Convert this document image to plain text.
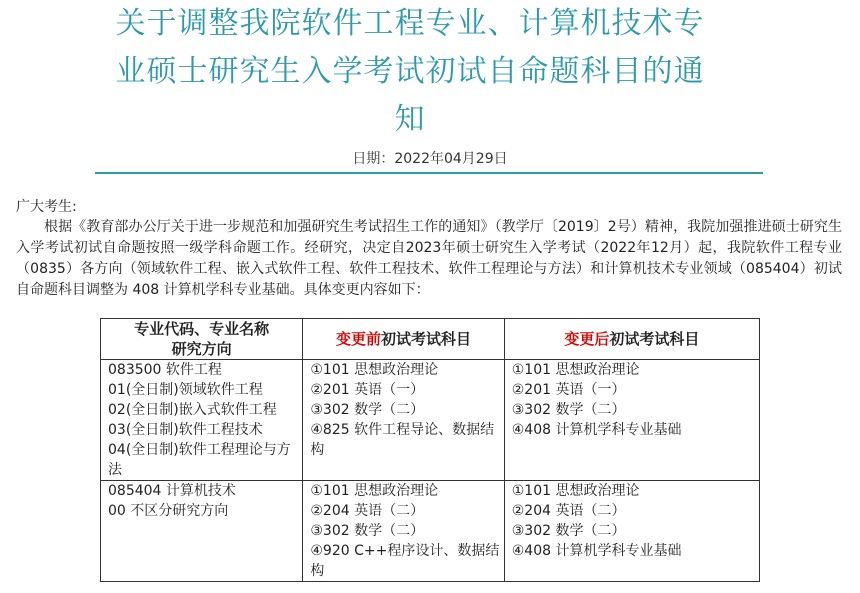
关于调整我院软件工程专业、计算机技术专
业硕士研究生入学考试初试自命题科目的通
知
日期：2022年04月29日
广大考生:
根据《教育部办公厅关于进一步规范和加强研究生考试招生工作的通知》（教学厅〔2019〕2号）精神，我院加强推进硕士研究生入学考试初试自命题按照一级学科命题工作。经研究，决定自2023年硕士研究生入学考试（2022年12月）起，我院软件工程专业（0835）各方向（领域软件工程、嵌入式软件工程、软件工程技术、软件工程理论与方法）和计算机技术专业领域（085404）初试自命题科目调整为 408 计算机学科专业基础。具体变更内容如下：
专业代码、专业名称
研究方向	变更前初试考试科目	变更后初试考试科目

083500 软件工程
01(全日制)领域软件工程
02(全日制)嵌入式软件工程
03(全日制)软件工程技术
04(全日制)软件工程理论与方法	①101 思想政治理论
②201 英语（一）
③302 数学（二）
④825 软件工程导论、数据结构	①101 思想政治理论
②201 英语（一）
③302 数学（二）
④408 计算机学科专业基础

085404 计算机技术
00 不区分研究方向	①101 思想政治理论
②204 英语（二）
③302 数学（二）
④920 C++程序设计、数据结构	①101 思想政治理论
②204 英语（二）
③302 数学（二）
④408 计算机学科专业基础
